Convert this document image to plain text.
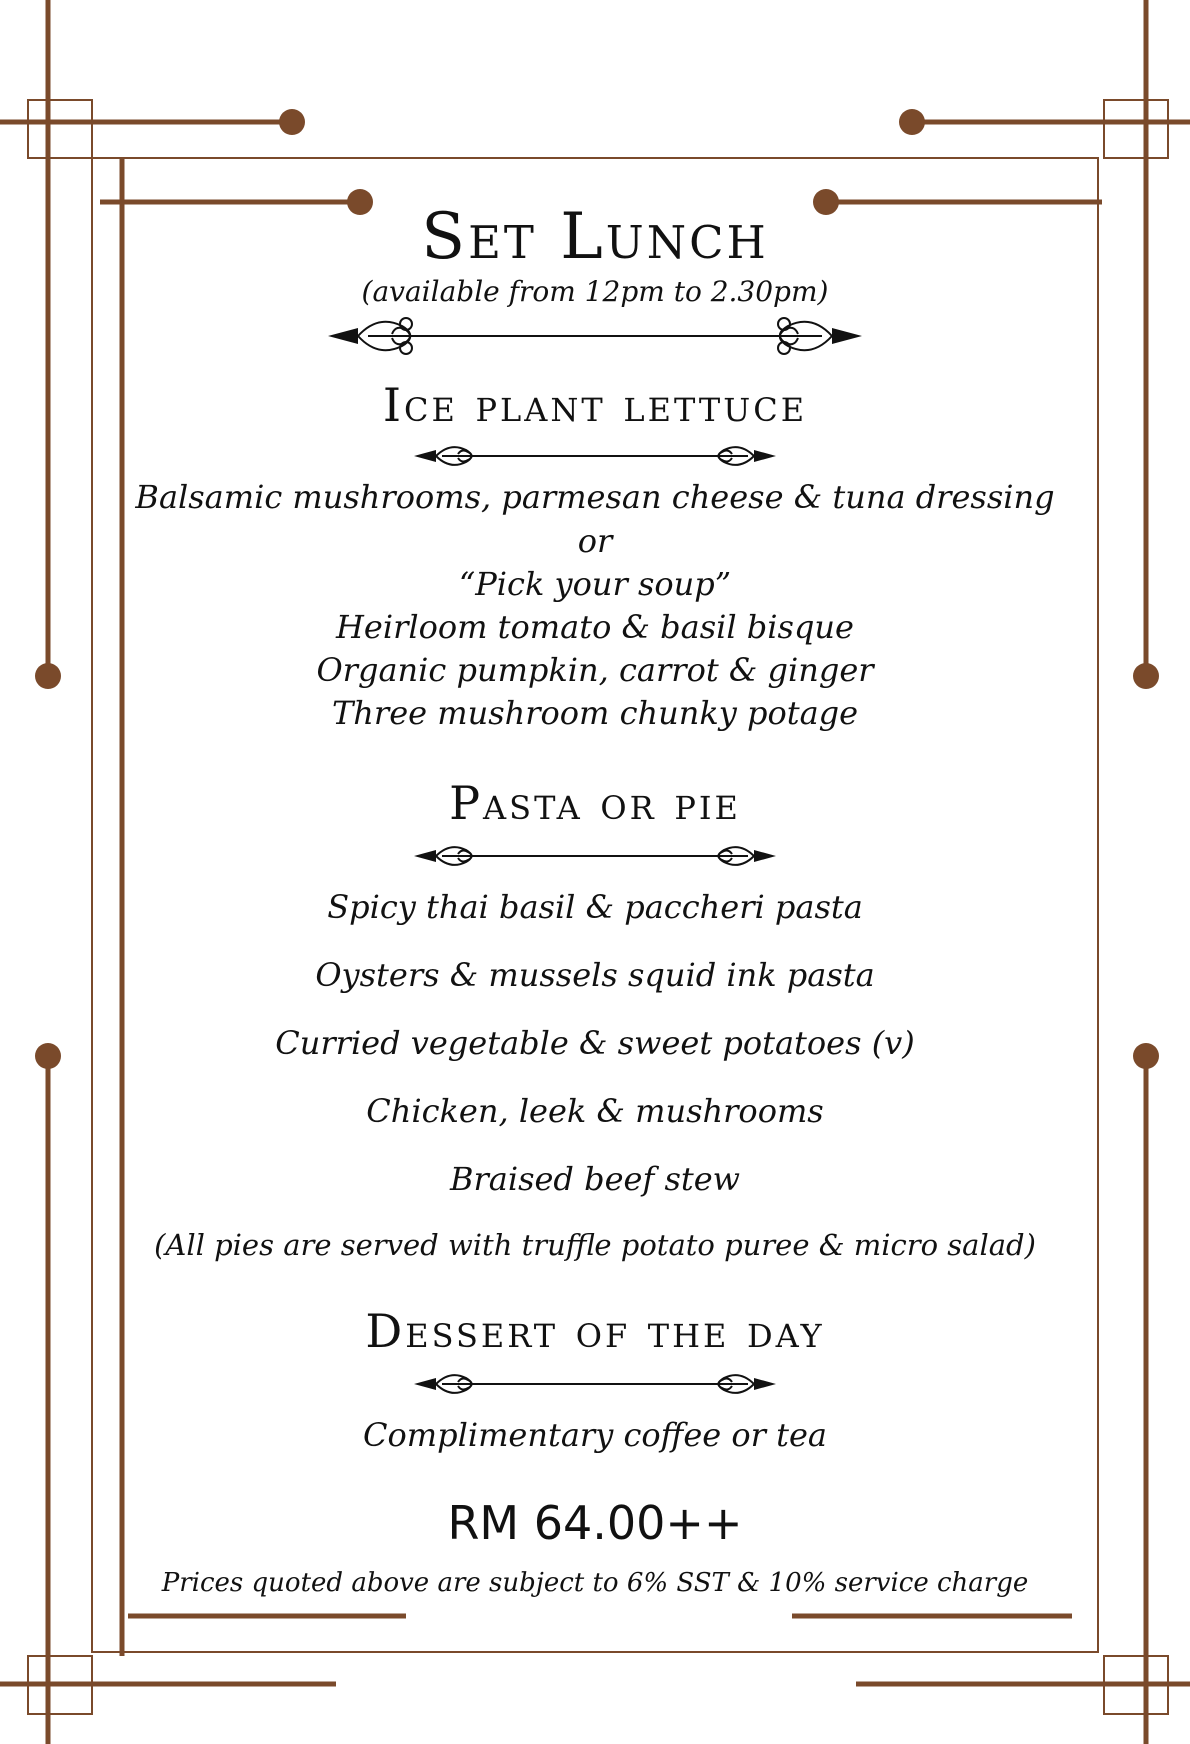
Set Lunch
(available from 12pm to 2.30pm)
Ice plant lettuce
Balsamic mushrooms, parmesan cheese & tuna dressing
or
“Pick your soup”
Heirloom tomato & basil bisque
Organic pumpkin, carrot & ginger
Three mushroom chunky potage
Pasta or pie
Spicy thai basil & paccheri pasta
Oysters & mussels squid ink pasta
Curried vegetable & sweet potatoes (v)
Chicken, leek & mushrooms
Braised beef stew
(All pies are served with truffle potato puree & micro salad)
Dessert of the day
Complimentary coffee or tea
RM 64.00++
Prices quoted above are subject to 6% SST & 10% service charge
